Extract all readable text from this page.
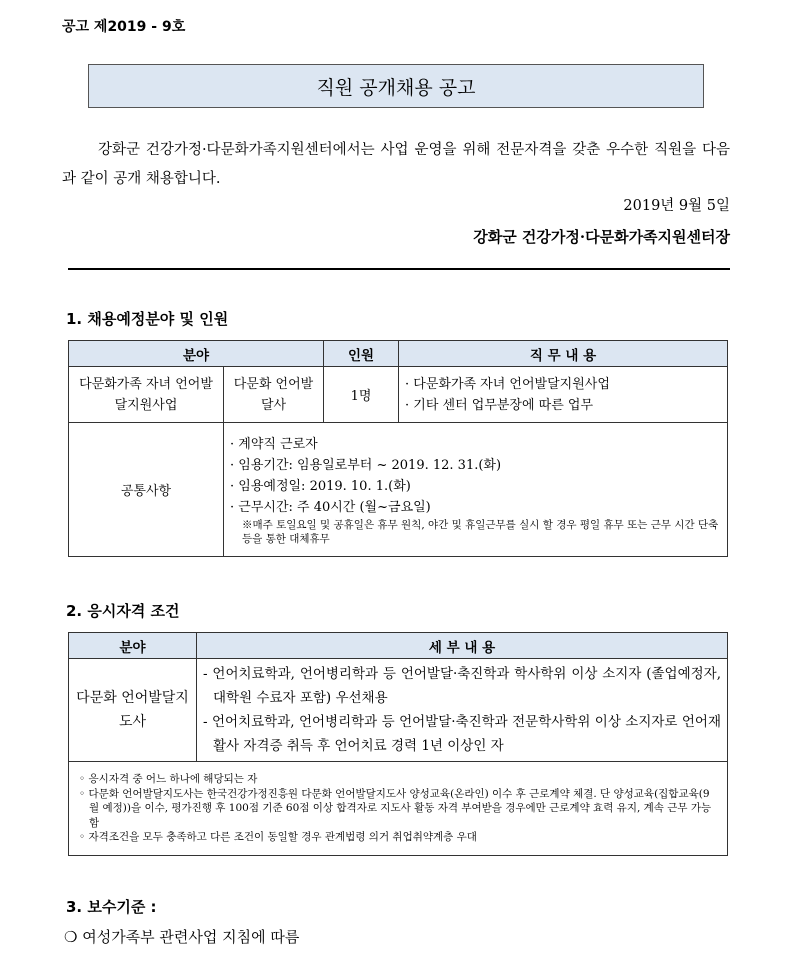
공고 제2019 - 9호
직원 공개채용 공고
강화군 건강가정·다문화가족지원센터에서는 사업 운영을 위해 전문자격을 갖춘 우수한 직원을 다음과 같이 공개 채용합니다.
2019년 9월 5일
강화군 건강가정·다문화가족지원센터장
1. 채용예정분야 및 인원
분야		인원	직 무 내 용
다문화가족 자녀 언어발달지원사업	다문화 언어발달사	1명	· 다문화가족 자녀 언어발달지원사업
· 기타 센터 업무분장에 따른 업무

공통사항	· 계약직 근로자
· 임용기간: 임용일로부터 ~ 2019. 12. 31.(화)
· 임용예정일: 2019. 10. 1.(화)
· 근무시간: 주 40시간 (월~금요일)
※매주 토일요일 및 공휴일은 휴무 원칙, 야간 및 휴일근무를 실시 할 경우 평일 휴무 또는 근무 시간 단축 등을 통한 대체휴무		
2. 응시자격 조건
분야	세 부 내 용
다문화 언어발달지도사	- 언어치료학과, 언어병리학과 등 언어발달·축진학과 학사학위 이상 소지자 (졸업예정자, 대학원 수료자 포함) 우선채용
- 언어치료학과, 언어병리학과 등 언어발달·축진학과 전문학사학위 이상 소지자로 언어재활사 자격증 취득 후 언어치료 경력 1년 이상인 자

◦ 응시자격 중 어느 하나에 해당되는 자
◦ 다문화 언어발달지도사는 한국건강가정진흥원 다문화 언어발달지도사 양성교육(온라인) 이수 후 근로계약 체결. 단 양성교육(집합교육(9월 예정))을 이수, 평가진행 후 100점 기준 60점 이상 합격자로 지도사 활동 자격 부여받을 경우에만 근로계약 효력 유지, 계속 근무 가능함
◦ 자격조건을 모두 충족하고 다른 조건이 동일할 경우 관계법령 의거 취업취약계층 우대	
3. 보수기준 :
❍ 여성가족부 관련사업 지침에 따름
